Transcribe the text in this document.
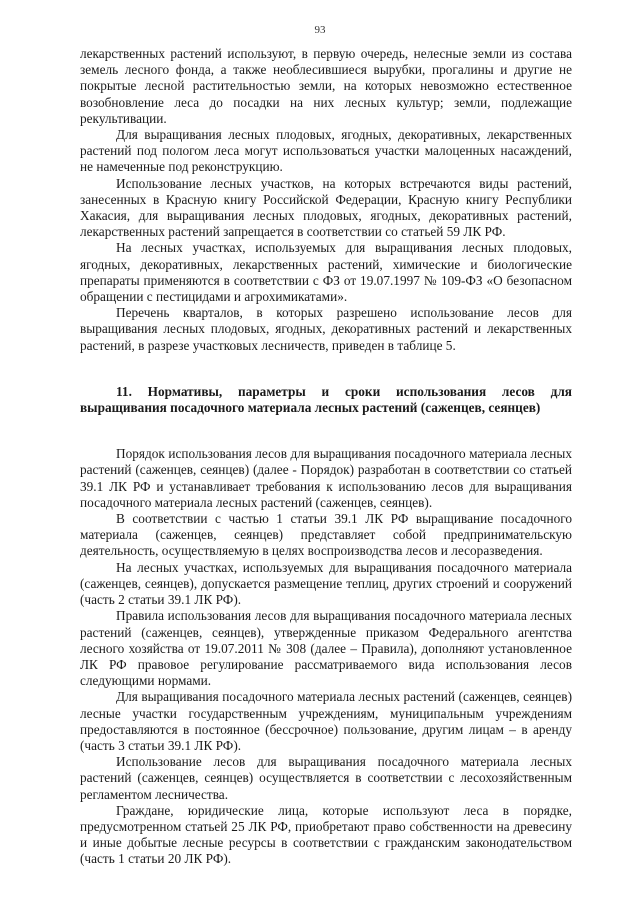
93

лекарственных растений используют, в первую очередь, нелесные земли из состава земель лесного фонда, а также необлесившиеся вырубки, прогалины и другие не покрытые лесной растительностью земли, на которых невозможно естественное возобновление леса до посадки на них лесных культур; земли, подлежащие рекультивации.

Для выращивания лесных плодовых, ягодных, декоративных, лекарственных растений под пологом леса могут использоваться участки малоценных насаждений, не намеченные под реконструкцию.

Использование лесных участков, на которых встречаются виды растений, занесенных в Красную книгу Российской Федерации, Красную книгу Республики Хакасия, для выращивания лесных плодовых, ягодных, декоративных растений, лекарственных растений запрещается в соответствии со статьей 59 ЛК РФ.

На лесных участках, используемых для выращивания лесных плодовых, ягодных, декоративных, лекарственных растений, химические и биологические препараты применяются в соответствии с ФЗ от 19.07.1997 № 109-ФЗ «О безопасном обращении с пестицидами и агрохимикатами».

Перечень кварталов, в которых разрешено использование лесов для выращивания лесных плодовых, ягодных, декоративных растений и лекарственных растений, в разрезе участковых лесничеств, приведен в таблице 5.

11. Нормативы, параметры и сроки использования лесов для выращивания посадочного материала лесных растений (саженцев, сеянцев)

Порядок использования лесов для выращивания посадочного материала лесных растений (саженцев, сеянцев) (далее - Порядок) разработан в соответствии со статьей 39.1 ЛК РФ и устанавливает требования к использованию лесов для выращивания посадочного материала лесных растений (саженцев, сеянцев).

В соответствии с частью 1 статьи 39.1 ЛК РФ выращивание посадочного материала (саженцев, сеянцев) представляет собой предпринимательскую деятельность, осуществляемую в целях воспроизводства лесов и лесоразведения.

На лесных участках, используемых для выращивания посадочного материала (саженцев, сеянцев), допускается размещение теплиц, других строений и сооружений (часть 2 статьи 39.1 ЛК РФ).

Правила использования лесов для выращивания посадочного материала лесных растений (саженцев, сеянцев), утвержденные приказом Федерального агентства лесного хозяйства от 19.07.2011 № 308 (далее – Правила), дополняют установленное ЛК РФ правовое регулирование рассматриваемого вида использования лесов следующими нормами.

Для выращивания посадочного материала лесных растений (саженцев, сеянцев) лесные участки государственным учреждениям, муниципальным учреждениям предоставляются в постоянное (бессрочное) пользование, другим лицам – в аренду (часть 3 статьи 39.1 ЛК РФ).

Использование лесов для выращивания посадочного материала лесных растений (саженцев, сеянцев) осуществляется в соответствии с лесохозяйственным регламентом лесничества.

Граждане, юридические лица, которые используют леса в порядке, предусмотренном статьей 25 ЛК РФ, приобретают право собственности на древесину и иные добытые лесные ресурсы в соответствии с гражданским законодательством (часть 1 статьи 20 ЛК РФ).
